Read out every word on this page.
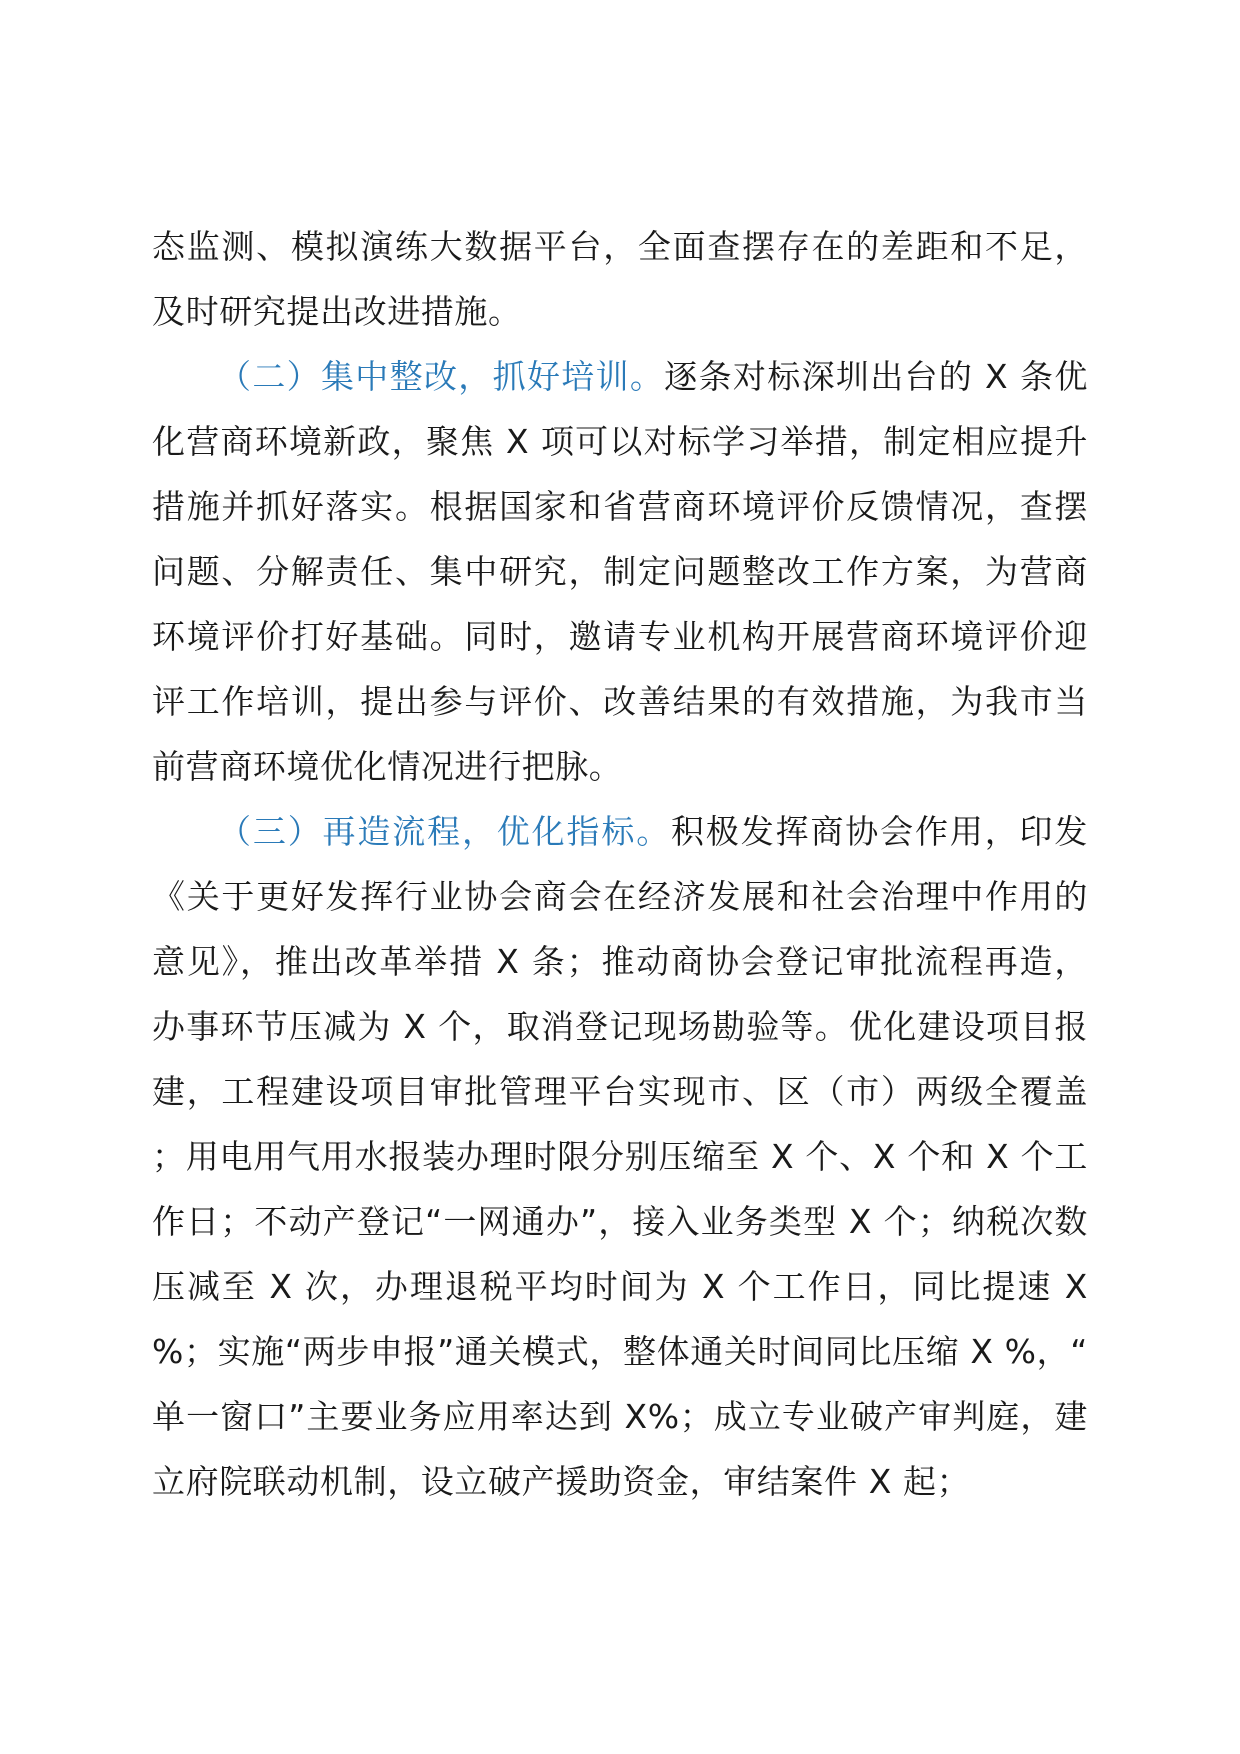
态监测、模拟演练大数据平台，全面查摆存在的差距和不足，及时研究提出改进措施。

（二）集中整改，抓好培训。逐条对标深圳出台的 X 条优化营商环境新政，聚焦 X 项可以对标学习举措，制定相应提升措施并抓好落实。根据国家和省营商环境评价反馈情况，查摆问题、分解责任、集中研究，制定问题整改工作方案，为营商环境评价打好基础。同时，邀请专业机构开展营商环境评价迎评工作培训，提出参与评价、改善结果的有效措施，为我市当前营商环境优化情况进行把脉。

（三）再造流程，优化指标。积极发挥商协会作用，印发《关于更好发挥行业协会商会在经济发展和社会治理中作用的意见》，推出改革举措 X 条；推动商协会登记审批流程再造，办事环节压减为 X 个，取消登记现场勘验等。优化建设项目报建，工程建设项目审批管理平台实现市、区（市）两级全覆盖；用电用气用水报装办理时限分别压缩至 X 个、X 个和 X 个工作日；不动产登记“一网通办”，接入业务类型 X 个；纳税次数压减至 X 次，办理退税平均时间为 X 个工作日，同比提速 X %；实施“两步申报”通关模式，整体通关时间同比压缩 X %，“单一窗口”主要业务应用率达到 X%；成立专业破产审判庭，建立府院联动机制，设立破产援助资金，审结案件 X 起；
